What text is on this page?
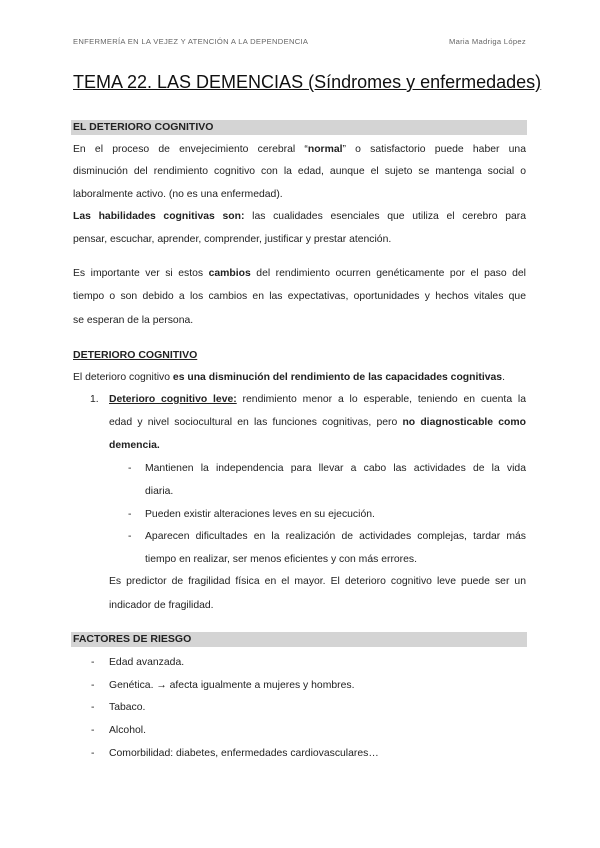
ENFERMERÍA EN LA VEJEZ Y ATENCIÓN A LA DEPENDENCIA	Maria Madriga López
TEMA 22. LAS DEMENCIAS (Síndromes y enfermedades)
EL DETERIORO COGNITIVO
En el proceso de envejecimiento cerebral “normal” o satisfactorio puede haber una
disminución del rendimiento cognitivo con la edad, aunque el sujeto se mantenga social o
laboralmente activo. (no es una enfermedad).
Las habilidades cognitivas son: las cualidades esenciales que utiliza el cerebro para
pensar, escuchar, aprender, comprender, justificar y prestar atención.
Es importante ver si estos cambios del rendimiento ocurren genéticamente por el paso del
tiempo o son debido a los cambios en las expectativas, oportunidades y hechos vitales que
se esperan de la persona.
DETERIORO COGNITIVO
El deterioro cognitivo es una disminución del rendimiento de las capacidades cognitivas.
1. Deterioro cognitivo leve: rendimiento menor a lo esperable, teniendo en cuenta la
edad y nivel sociocultural en las funciones cognitivas, pero no diagnosticable como
demencia.
- Mantienen la independencia para llevar a cabo las actividades de la vida
diaria.
- Pueden existir alteraciones leves en su ejecución.
- Aparecen dificultades en la realización de actividades complejas, tardar más
tiempo en realizar, ser menos eficientes y con más errores.
Es predictor de fragilidad física en el mayor. El deterioro cognitivo leve puede ser un
indicador de fragilidad.
FACTORES DE RIESGO
- Edad avanzada.
- Genética. → afecta igualmente a mujeres y hombres.
- Tabaco.
- Alcohol.
- Comorbilidad: diabetes, enfermedades cardiovasculares…
